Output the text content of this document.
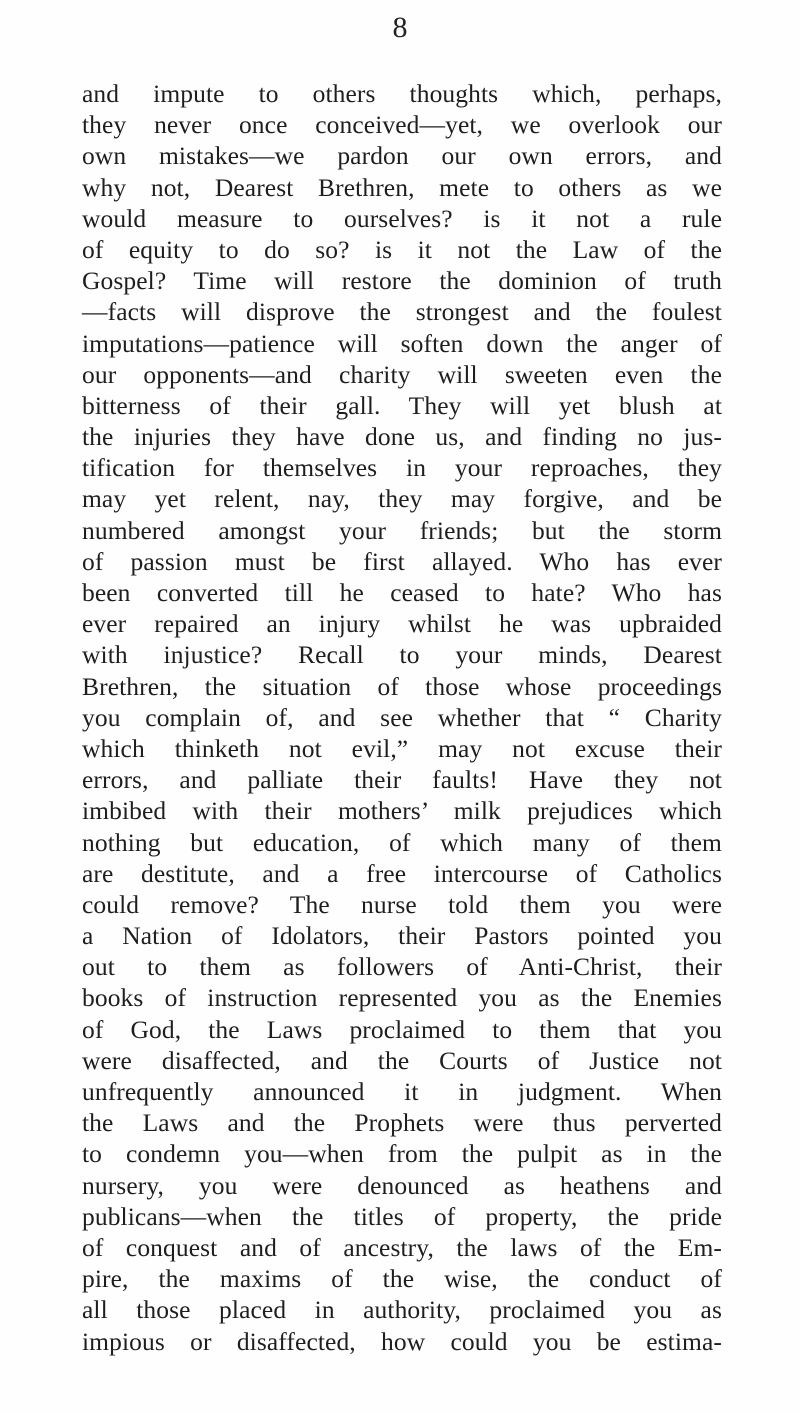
8
and impute to others thoughts which, perhaps,
they never once conceived—yet, we overlook our
own mistakes—we pardon our own errors, and
why not, Dearest Brethren, mete to others as we
would measure to ourselves? is it not a rule
of equity to do so? is it not the Law of the
Gospel? Time will restore the dominion of truth
—facts will disprove the strongest and the foulest
imputations—patience will soften down the anger of
our opponents—and charity will sweeten even the
bitterness of their gall. They will yet blush at
the injuries they have done us, and finding no jus-
tification for themselves in your reproaches, they
may yet relent, nay, they may forgive, and be
numbered amongst your friends; but the storm
of passion must be first allayed. Who has ever
been converted till he ceased to hate? Who has
ever repaired an injury whilst he was upbraided
with injustice? Recall to your minds, Dearest
Brethren, the situation of those whose proceedings
you complain of, and see whether that “ Charity
which thinketh not evil,” may not excuse their
errors, and palliate their faults! Have they not
imbibed with their mothers’ milk prejudices which
nothing but education, of which many of them
are destitute, and a free intercourse of Catholics
could remove? The nurse told them you were
a Nation of Idolators, their Pastors pointed you
out to them as followers of Anti-Christ, their
books of instruction represented you as the Enemies
of God, the Laws proclaimed to them that you
were disaffected, and the Courts of Justice not
unfrequently announced it in judgment. When
the Laws and the Prophets were thus perverted
to condemn you—when from the pulpit as in the
nursery, you were denounced as heathens and
publicans—when the titles of property, the pride
of conquest and of ancestry, the laws of the Em-
pire, the maxims of the wise, the conduct of
all those placed in authority, proclaimed you as
impious or disaffected, how could you be estima-
